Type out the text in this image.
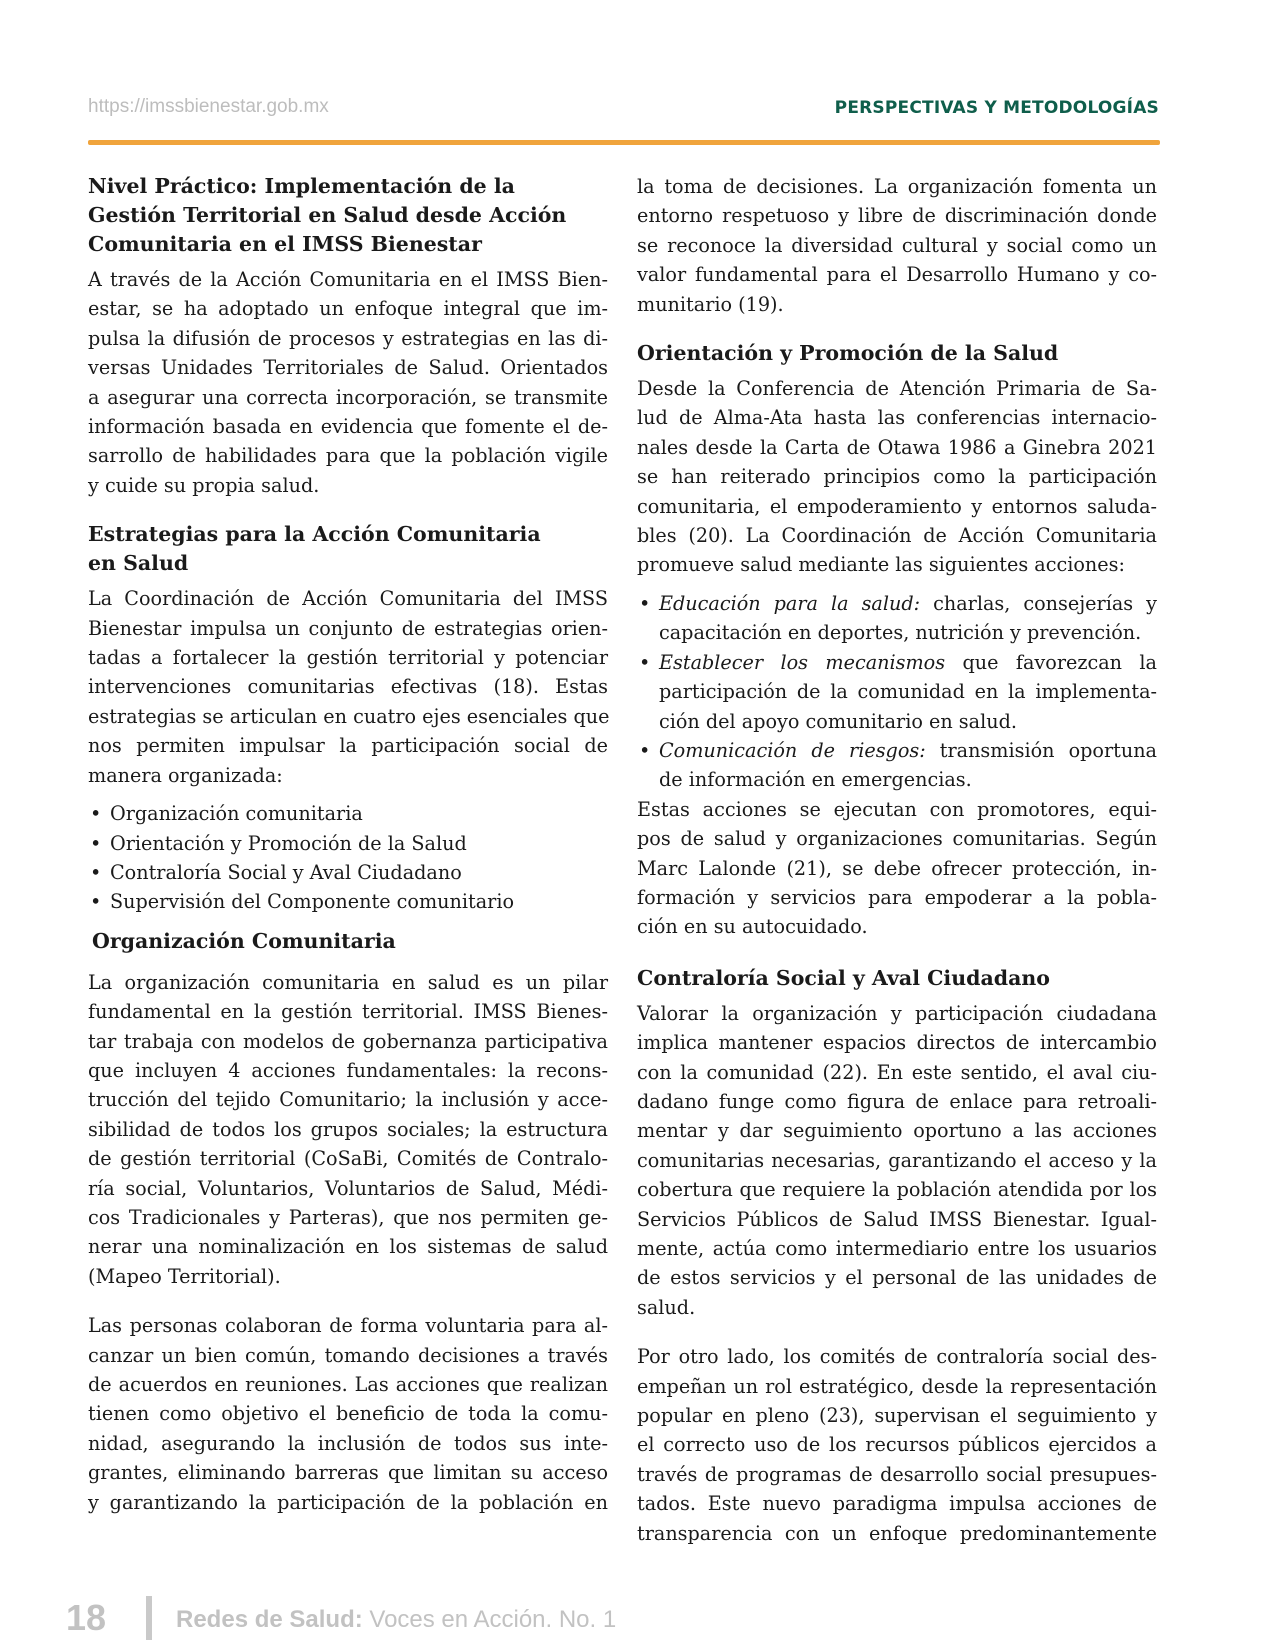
https://imssbienestar.gob.mx	PERSPECTIVAS Y METODOLOGÍAS
Nivel Práctico: Implementación de la
Gestión Territorial en Salud desde Acción
Comunitaria en el IMSS Bienestar

A través de la Acción Comunitaria en el IMSS Bien-
estar, se ha adoptado un enfoque integral que im-
pulsa la difusión de procesos y estrategias en las di-
versas Unidades Territoriales de Salud. Orientados
a asegurar una correcta incorporación, se transmite
información basada en evidencia que fomente el de-
sarrollo de habilidades para que la población vigile
y cuide su propia salud.

Estrategias para la Acción Comunitaria
en Salud

La Coordinación de Acción Comunitaria del IMSS
Bienestar impulsa un conjunto de estrategias orien-
tadas a fortalecer la gestión territorial y potenciar
intervenciones comunitarias efectivas (18). Estas
estrategias se articulan en cuatro ejes esenciales que
nos permiten impulsar la participación social de
manera organizada:

• Organización comunitaria
• Orientación y Promoción de la Salud
• Contraloría Social y Aval Ciudadano
• Supervisión del Componente comunitario
Organización Comunitaria

La organización comunitaria en salud es un pilar
fundamental en la gestión territorial. IMSS Bienes-
tar trabaja con modelos de gobernanza participativa
que incluyen 4 acciones fundamentales: la recons-
trucción del tejido Comunitario; la inclusión y acce-
sibilidad de todos los grupos sociales; la estructura
de gestión territorial (CoSaBi, Comités de Contralo-
ría social, Voluntarios, Voluntarios de Salud, Médi-
cos Tradicionales y Parteras), que nos permiten ge-
nerar una nominalización en los sistemas de salud
(Mapeo Territorial).

Las personas colaboran de forma voluntaria para al-
canzar un bien común, tomando decisiones a través
de acuerdos en reuniones. Las acciones que realizan
tienen como objetivo el beneficio de toda la comu-
nidad, asegurando la inclusión de todos sus inte-
grantes, eliminando barreras que limitan su acceso
y garantizando la participación de la población en

la toma de decisiones. La organización fomenta un
entorno respetuoso y libre de discriminación donde
se reconoce la diversidad cultural y social como un
valor fundamental para el Desarrollo Humano y co-
munitario (19).

Orientación y Promoción de la Salud

Desde la Conferencia de Atención Primaria de Sa-
lud de Alma-Ata hasta las conferencias internacio-
nales desde la Carta de Otawa 1986 a Ginebra 2021
se han reiterado principios como la participación
comunitaria, el empoderamiento y entornos saluda-
bles (20). La Coordinación de Acción Comunitaria
promueve salud mediante las siguientes acciones:

• Educación para la salud: charlas, consejerías y
capacitación en deportes, nutrición y prevención.
• Establecer los mecanismos que favorezcan la
participación de la comunidad en la implementa-
ción del apoyo comunitario en salud.
• Comunicación de riesgos: transmisión oportuna
de información en emergencias.

Estas acciones se ejecutan con promotores, equi-
pos de salud y organizaciones comunitarias. Según
Marc Lalonde (21), se debe ofrecer protección, in-
formación y servicios para empoderar a la pobla-
ción en su autocuidado.

Contraloría Social y Aval Ciudadano

Valorar la organización y participación ciudadana
implica mantener espacios directos de intercambio
con la comunidad (22). En este sentido, el aval ciu-
dadano funge como figura de enlace para retroali-
mentar y dar seguimiento oportuno a las acciones
comunitarias necesarias, garantizando el acceso y la
cobertura que requiere la población atendida por los
Servicios Públicos de Salud IMSS Bienestar. Igual-
mente, actúa como intermediario entre los usuarios
de estos servicios y el personal de las unidades de
salud.

Por otro lado, los comités de contraloría social des-
empeñan un rol estratégico, desde la representación
popular en pleno (23), supervisan el seguimiento y
el correcto uso de los recursos públicos ejercidos a
través de programas de desarrollo social presupues-
tados. Este nuevo paradigma impulsa acciones de
transparencia con un enfoque predominantemente

18	Redes de Salud: Voces en Acción. No. 1
